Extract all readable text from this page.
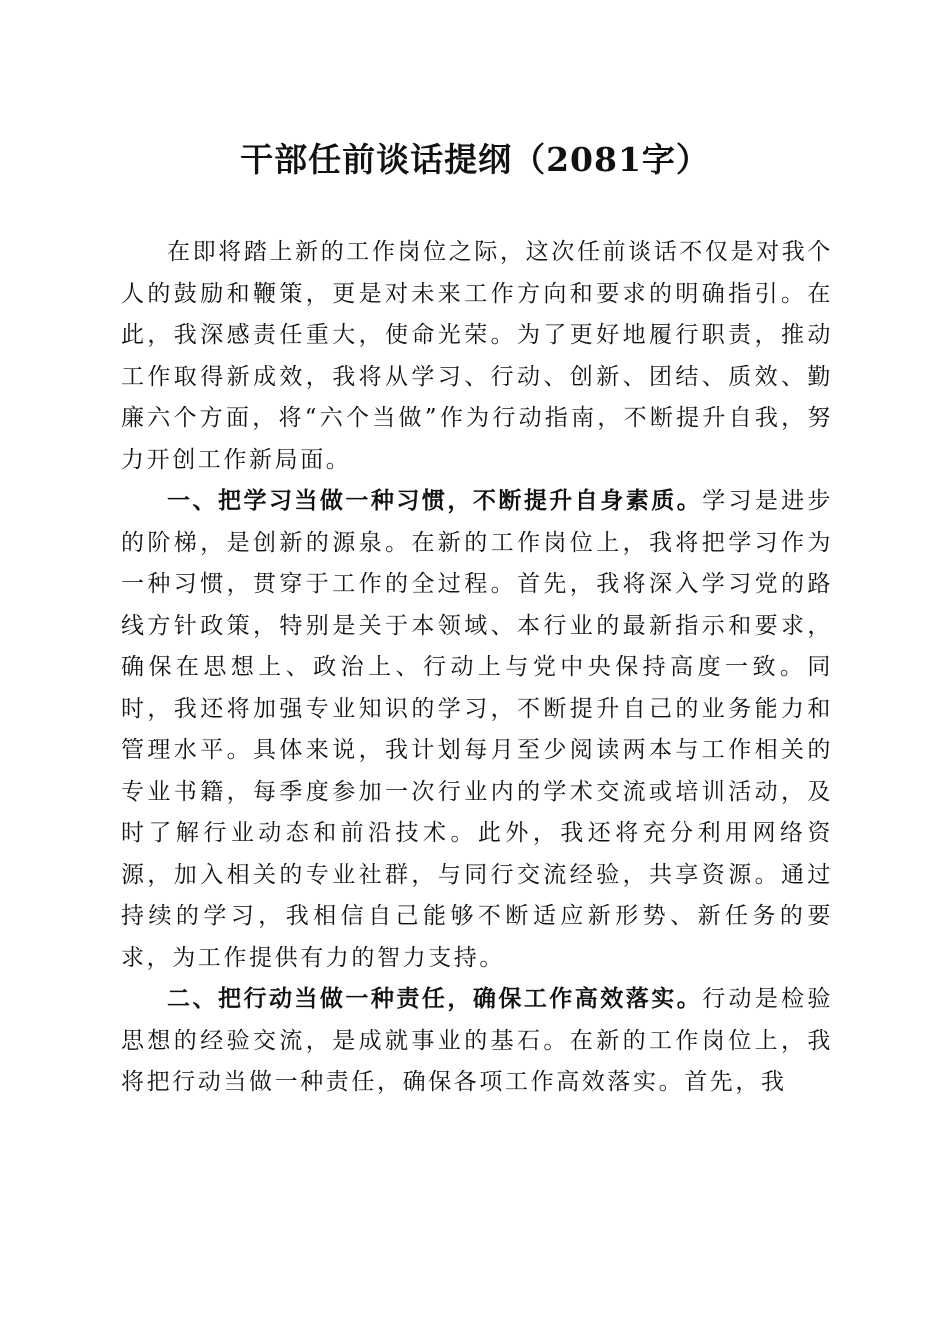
干部任前谈话提纲（2081字）

在即将踏上新的工作岗位之际，这次任前谈话不仅是对我个人的鼓励和鞭策，更是对未来工作方向和要求的明确指引。在此，我深感责任重大，使命光荣。为了更好地履行职责，推动工作取得新成效，我将从学习、行动、创新、团结、质效、勤廉六个方面，将“六个当做”作为行动指南，不断提升自我，努力开创工作新局面。

一、把学习当做一种习惯，不断提升自身素质。学习是进步的阶梯，是创新的源泉。在新的工作岗位上，我将把学习作为一种习惯，贯穿于工作的全过程。首先，我将深入学习党的路线方针政策，特别是关于本领域、本行业的最新指示和要求，确保在思想上、政治上、行动上与党中央保持高度一致。同时，我还将加强专业知识的学习，不断提升自己的业务能力和管理水平。具体来说，我计划每月至少阅读两本与工作相关的专业书籍，每季度参加一次行业内的学术交流或培训活动，及时了解行业动态和前沿技术。此外，我还将充分利用网络资源，加入相关的专业社群，与同行交流经验，共享资源。通过持续的学习，我相信自己能够不断适应新形势、新任务的要求，为工作提供有力的智力支持。

二、把行动当做一种责任，确保工作高效落实。行动是检验思想的经验交流，是成就事业的基石。在新的工作岗位上，我将把行动当做一种责任，确保各项工作高效落实。首先，我
